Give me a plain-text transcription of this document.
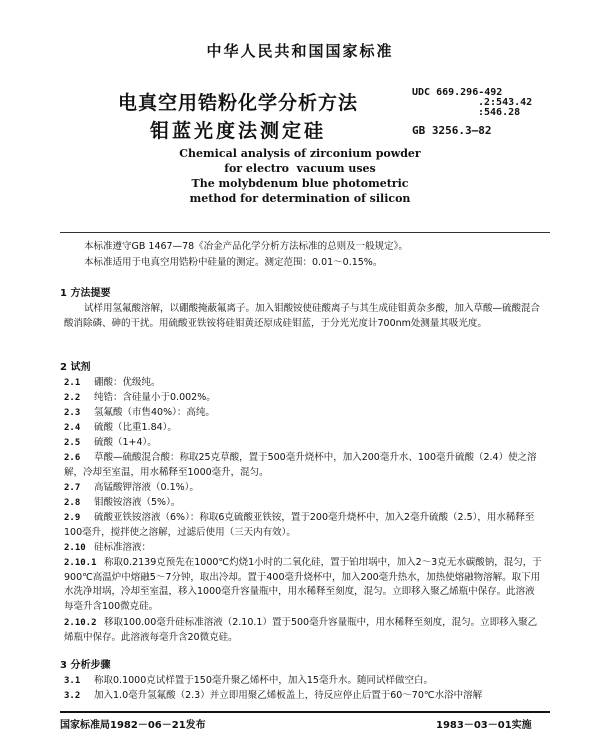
中华人民共和国国家标准
电真空用锆粉化学分析方法
钼蓝光度法测定硅
UDC 669.296-492
.2:543.42
:546.28
GB 3256.3—82
Chemical analysis of zirconium powder
for electro  vacuum uses
The molybdenum blue photometric
method for determination of silicon
本标准遵守GB 1467—78《冶金产品化学分析方法标准的总则及一般规定》。
本标准适用于电真空用锆粉中硅量的测定。测定范围：0.01～0.15%。
1 方法提要
试样用氢氟酸溶解，以硼酸掩蔽氟离子。加入钼酸铵使硅酸离子与其生成硅钼黄杂多酸，加入草酸—硫酸混合酸消除磷、砷的干扰。用硫酸亚铁铵将硅钼黄还原成硅钼蓝，于分光光度计700nm处测量其吸光度。
2 试剂
2.1 硼酸：优级纯。
2.2 纯锆：含硅量小于0.002%。
2.3 氢氟酸（市售40%）：高纯。
2.4 硫酸（比重1.84）。
2.5 硫酸（1+4）。
2.6 草酸—硫酸混合酸：称取25克草酸，置于500毫升烧杯中，加入200毫升水、100毫升硫酸（2.4）使之溶解，冷却至室温，用水稀释至1000毫升，混匀。
2.7 高锰酸钾溶液（0.1%）。
2.8 钼酸铵溶液（5%）。
2.9 硫酸亚铁铵溶液（6%）：称取6克硫酸亚铁铵，置于200毫升烧杯中，加入2毫升硫酸（2.5），用水稀释至100毫升，搅拌使之溶解，过滤后使用（三天内有效）。
2.10 硅标准溶液：
2.10.1 称取0.2139克预先在1000℃灼烧1小时的二氧化硅，置于铂坩埚中，加入2～3克无水碳酸钠，混匀，于900℃高温炉中熔融5～7分钟，取出冷却。置于400毫升烧杯中，加入200毫升热水，加热使熔融物溶解。取下用水洗净坩埚，冷却至室温，移入1000毫升容量瓶中，用水稀释至刻度，混匀。立即移入聚乙烯瓶中保存。此溶液每毫升含100微克硅。
2.10.2 移取100.00毫升硅标准溶液（2.10.1）置于500毫升容量瓶中，用水稀释至刻度，混匀。立即移入聚乙烯瓶中保存。此溶液每毫升含20微克硅。
3 分析步骤
3.1 称取0.1000克试样置于150毫升聚乙烯杯中，加入15毫升水。随同试样做空白。
3.2 加入1.0毫升氢氟酸（2.3）并立即用聚乙烯板盖上，待反应停止后置于60～70℃水浴中溶解
国家标准局1982－06－21发布	1983－03－01实施
